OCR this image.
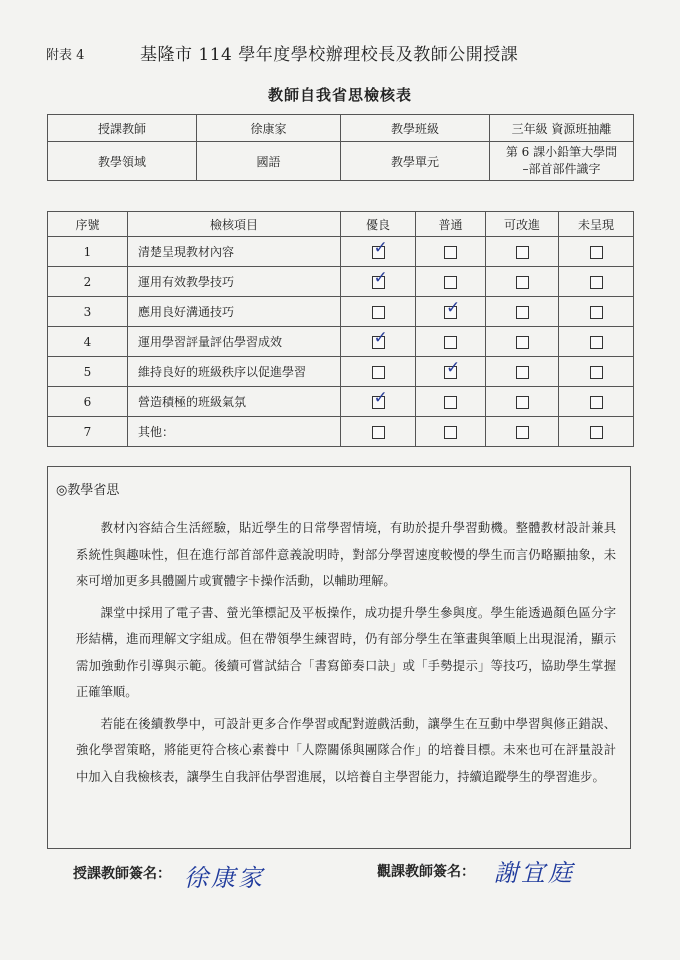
附表 4	基隆市 114 學年度學校辦理校長及教師公開授課
教師自我省思檢核表
授課教師	徐康家	教學班級	三年級 資源班抽離
教學領域	國語	教學單元	第 6 課小鉛筆大學問
–部首部件識字
序號	檢核項目	優良	普通	可改進	未呈現
1	清楚呈現教材內容	✓			

2	運用有效教學技巧	✓			

3	應用良好溝通技巧		✓		

4	運用學習評量評估學習成效	✓			

5	維持良好的班級秩序以促進學習		✓		

6	營造積極的班級氣氛	✓			

7	其他：				
◎教學省思

教材內容結合生活經驗，貼近學生的日常學習情境，有助於提升學習動機。整體教材設計兼具系統性與趣味性，但在進行部首部件意義說明時，對部分學習速度較慢的學生而言仍略顯抽象，未來可增加更多具體圖片或實體字卡操作活動，以輔助理解。

課堂中採用了電子書、螢光筆標記及平板操作，成功提升學生參與度。學生能透過顏色區分字形結構，進而理解文字組成。但在帶領學生練習時，仍有部分學生在筆畫與筆順上出現混淆，顯示需加強動作引導與示範。後續可嘗試結合「書寫節奏口訣」或「手勢提示」等技巧，協助學生掌握正確筆順。

若能在後續教學中，可設計更多合作學習或配對遊戲活動，讓學生在互動中學習與修正錯誤、強化學習策略，將能更符合核心素養中「人際關係與團隊合作」的培養目標。未來也可在評量設計中加入自我檢核表，讓學生自我評估學習進展，以培養自主學習能力，持續追蹤學生的學習進步。

授課教師簽名： 徐康家	觀課教師簽名： 謝宜庭
